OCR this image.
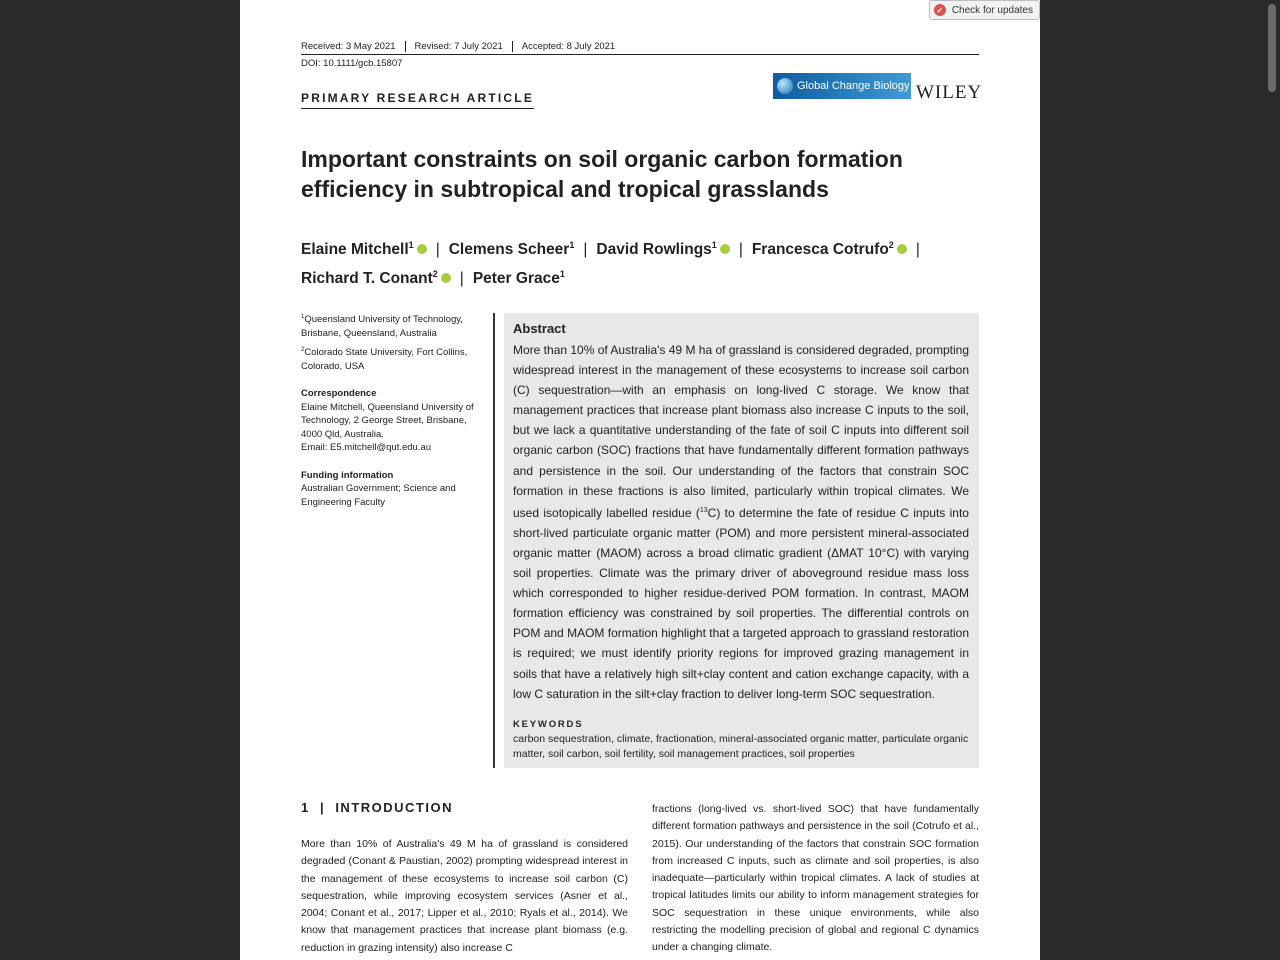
Received: 3 May 2021	Revised: 7 July 2021	Accepted: 8 July 2021
DOI: 10.1111/gcb.15807
PRIMARY RESEARCH ARTICLE
Global Change Biology WILEY
Important constraints on soil organic carbon formation efficiency in subtropical and tropical grasslands
Elaine Mitchell$^1$ | Clemens Scheer$^1$ | David Rowlings$^1$ | Francesca Cotrufo$^2$ |
Richard T. Conant$^2$ | Peter Grace$^1$

$^1$Queensland University of Technology, Brisbane, Queensland, Australia

$^2$Colorado State University, Fort Collins, Colorado, USA

Correspondence

Elaine Mitchell, Queensland University of Technology, 2 George Street, Brisbane, 4000 Qld, Australia.

Email: E5.mitchell@qut.edu.au

Funding information

Australian Government; Science and Engineering Faculty

Abstract

More than 10% of Australia's 49 M ha of grassland is considered degraded, prompting widespread interest in the management of these ecosystems to increase soil carbon (C) sequestration—with an emphasis on long-lived C storage. We know that management practices that increase plant biomass also increase C inputs to the soil, but we lack a quantitative understanding of the fate of soil C inputs into different soil organic carbon (SOC) fractions that have fundamentally different formation pathways and persistence in the soil. Our understanding of the factors that constrain SOC formation in these fractions is also limited, particularly within tropical climates. We used isotopically labelled residue ($^{13}$C) to determine the fate of residue C inputs into short-lived particulate organic matter (POM) and more persistent mineral-associated organic matter (MAOM) across a broad climatic gradient (ΔMAT 10°C) with varying soil properties. Climate was the primary driver of aboveground residue mass loss which corresponded to higher residue-derived POM formation. In contrast, MAOM formation efficiency was constrained by soil properties. The differential controls on POM and MAOM formation highlight that a targeted approach to grassland restoration is required; we must identify priority regions for improved grazing management in soils that have a relatively high silt+clay content and cation exchange capacity, with a low C saturation in the silt+clay fraction to deliver long-term SOC sequestration.

KEYWORDS

carbon sequestration, climate, fractionation, mineral-associated organic matter, particulate organic matter, soil carbon, soil fertility, soil management practices, soil properties

1  |  INTRODUCTION

More than 10% of Australia's 49 M ha of grassland is considered degraded (Conant & Paustian, 2002) prompting widespread interest in the management of these ecosystems to increase soil carbon (C) sequestration, while improving ecosystem services (Asner et al., 2004; Conant et al., 2017; Lipper et al., 2010; Ryals et al., 2014). We know that management practices that increase plant biomass (e.g. reduction in grazing intensity) also increase C

fractions (long-lived vs. short-lived SOC) that have fundamentally different formation pathways and persistence in the soil (Cotrufo et al., 2015). Our understanding of the factors that constrain SOC formation from increased C inputs, such as climate and soil properties, is also inadequate—particularly within tropical climates. A lack of studies at tropical latitudes limits our ability to inform management strategies for SOC sequestration in these unique environments, while also restricting the modelling precision of global and regional C dynamics under a changing climate.

✓ Check for updates
